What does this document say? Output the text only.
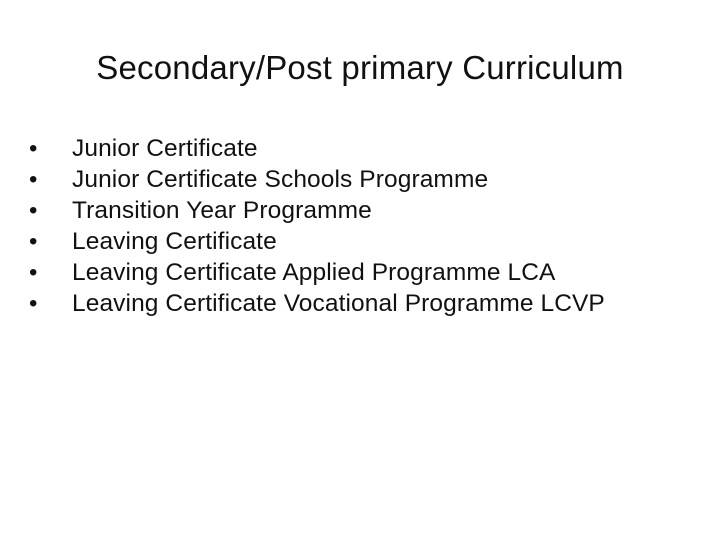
Secondary/Post primary Curriculum
•	Junior Certificate
•	Junior Certificate Schools Programme
•	Transition Year Programme
•	Leaving Certificate
•	Leaving Certificate Applied Programme LCA
•	Leaving Certificate Vocational Programme LCVP
